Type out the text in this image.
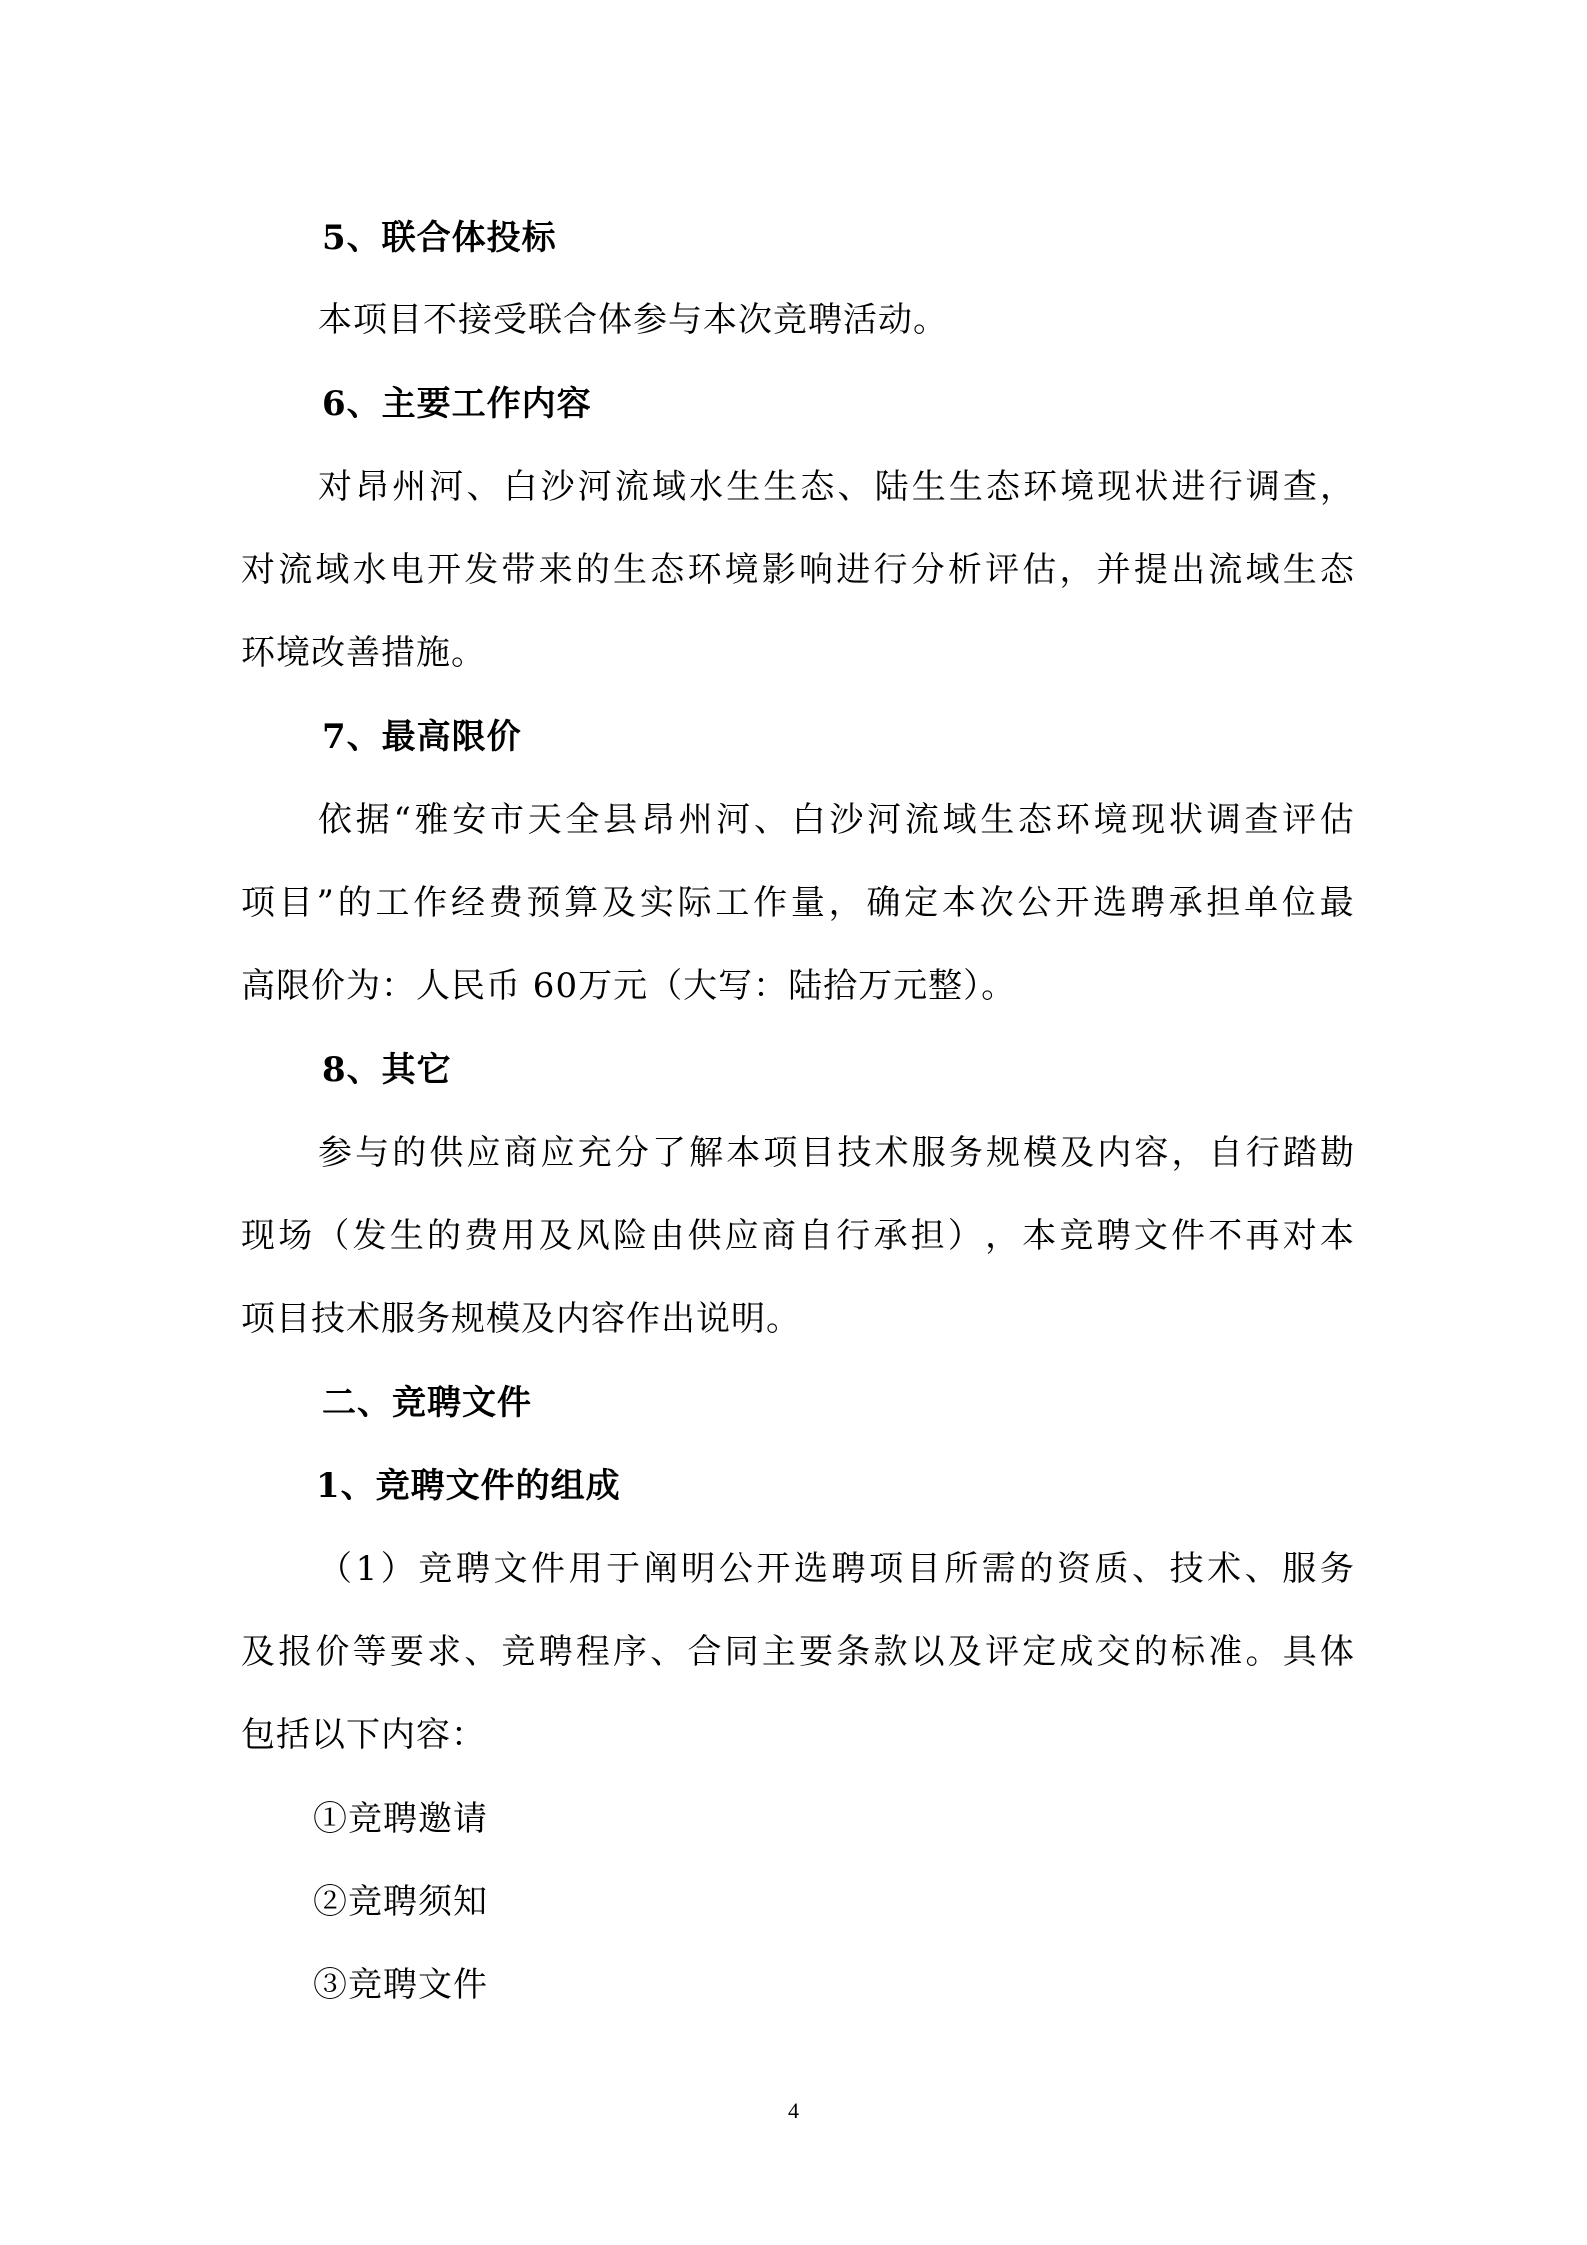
5、联合体投标
本项目不接受联合体参与本次竞聘活动。
6、主要工作内容
对 昂 州 河 、 白 沙 河 流 域 水 生 生 态 、 陆 生 生 态 环 境 现 状 进 行 调 查 ，
对 流 域 水 电 开 发 带 来 的 生 态 环 境 影 响 进 行 分 析 评 估 ， 并 提 出 流 域 生 态
环境改善措施。
7、最高限价
依 据 “ 雅 安 市 天 全 县 昂 州 河 、 白 沙 河 流 域 生 态 环 境 现 状 调 查 评 估
项 目 ” 的 工 作 经 费 预 算 及 实 际 工 作 量 ， 确 定 本 次 公 开 选 聘 承 担 单 位 最
高限价为：人民币 60万元（大写：陆拾万元整）。
8、其它
参 与 的 供 应 商 应 充 分 了 解 本 项 目 技 术 服 务 规 模 及 内 容 ， 自 行 踏 勘
现 场 （ 发 生 的 费 用 及 风 险 由 供 应 商 自 行 承 担 ） ， 本 竞 聘 文 件 不 再 对 本
项目技术服务规模及内容作出说明。
二、竞聘文件
1、竞聘文件的组成
（ 1 ） 竞 聘 文 件 用 于 阐 明 公 开 选 聘 项 目 所 需 的 资 质 、 技 术 、 服 务
及 报 价 等 要 求 、 竞 聘 程 序 、 合 同 主 要 条 款 以 及 评 定 成 交 的 标 准 。 具 体
包括以下内容：
①竞聘邀请
②竞聘须知
③竞聘文件
4
